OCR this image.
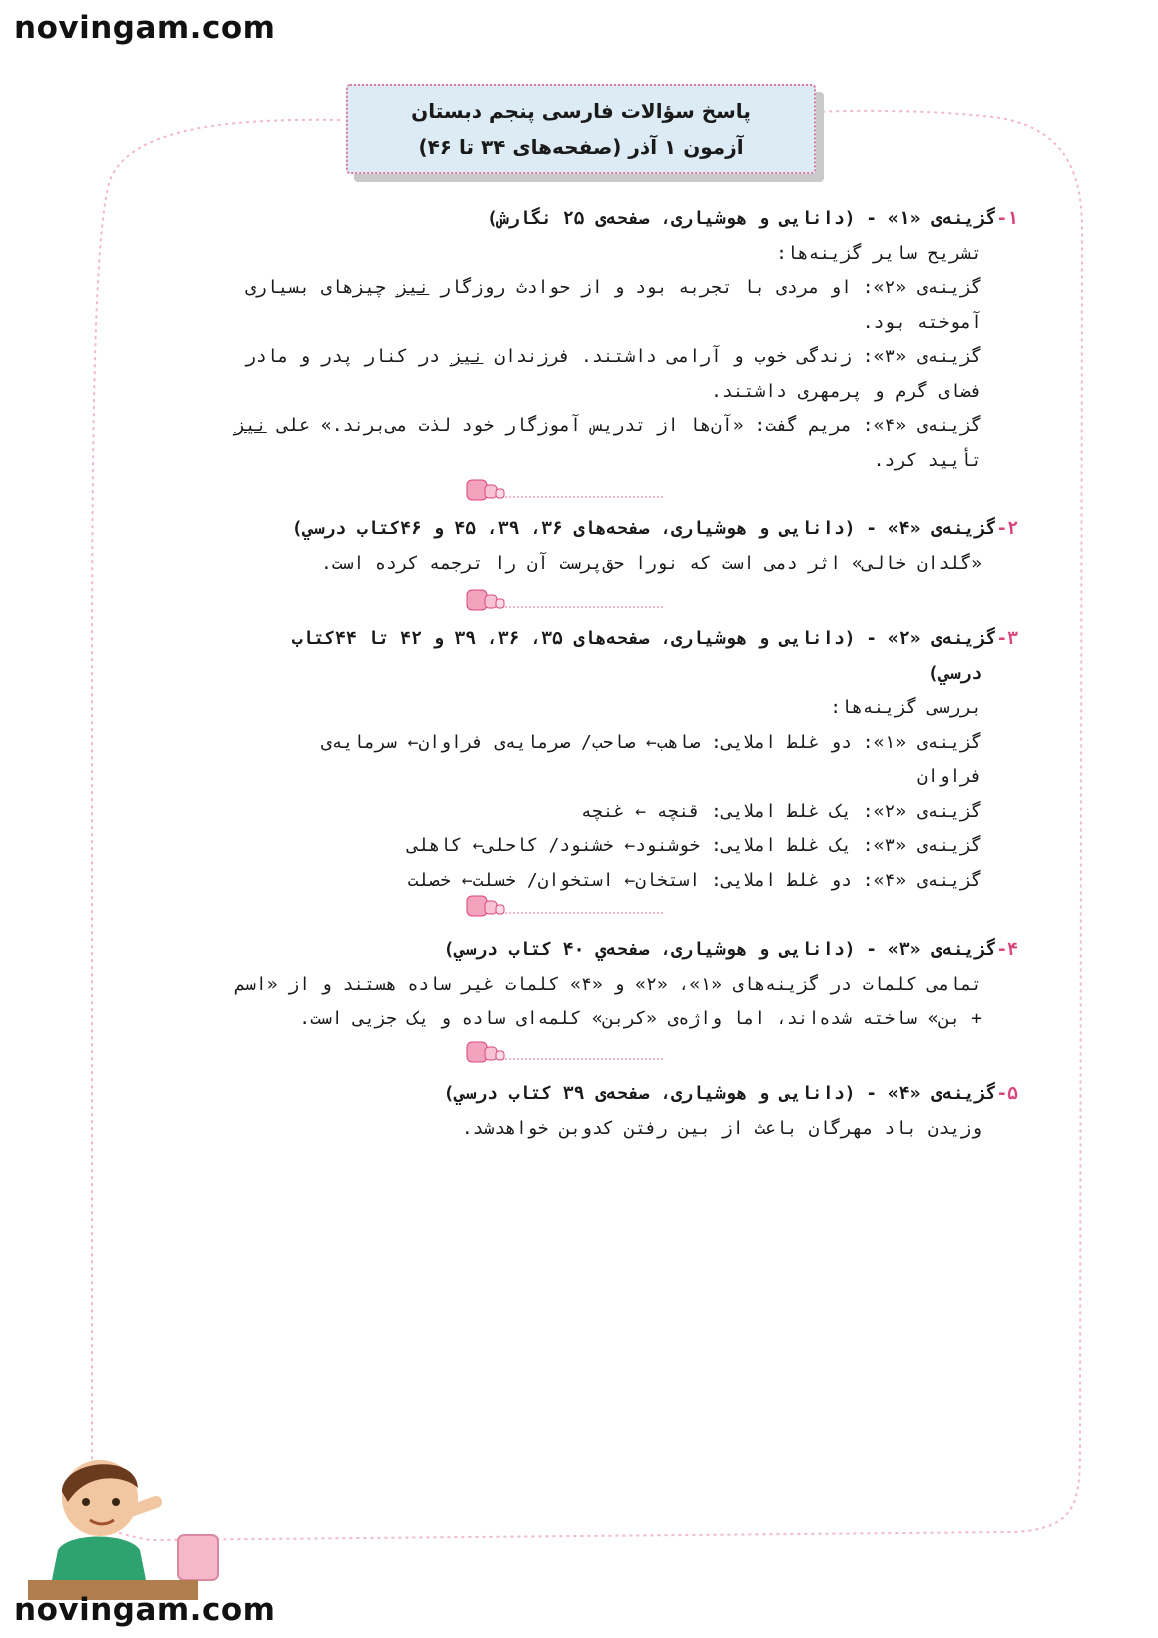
novingam.com
پاسخ سؤالات فارسی پنجم دبستان
آزمون ۱ آذر (صفحه‌های ۳۴ تا ۴۶)
۱-گزینه‌ی «۱» - (دانایی و هوشیاری، صفحه‌ی ۲۵ نگارش)
تشریح سایر گزینه‌ها:
گزینه‌ی «۲»: او مردی با تجربه بود و از حوادث روزگار نیز چیزهای بسیاری
آموخته بود.
گزینه‌ی «۳»: زندگی خوب و آرامی داشتند. فرزندان نیز در کنار پدر و مادر
فضای گرم و پرمهری داشتند.
گزینه‌ی «۴»: مریم گفت: «آن‌ها از تدریس آموزگار خود لذت می‌برند.» علی نیز
تأیید کرد.
۲-گزینه‌ی «۴» - (دانایی و هوشیاری، صفحه‌های ۳۶، ۳۹، ۴۵ و ۴۶کتاب درسي)
«گلدان خالی» اثر دمی است که نورا حق‌پرست آن را ترجمه کرده است.
۳-گزینه‌ی «۲» - (دانایی و هوشیاری، صفحه‌های ۳۵، ۳۶، ۳۹ و ۴۲ تا ۴۴کتاب
درسي)
بررسی گزینه‌ها:
گزینه‌ی «۱»: دو غلط املایی: صاهب← صاحب/ صرمایه‌ی فراوان← سرمایه‌ی
فراوان
گزینه‌ی «۲»: یک غلط املایی: قنچه ← غنچه
گزینه‌ی «۳»: یک غلط املایی: خوشنود← خشنود/ کاحلی← کاهلی
گزینه‌ی «۴»: دو غلط املایی: استخان← استخوان/ خسلت← خصلت
۴-گزینه‌ی «۳» - (دانایی و هوشیاری، صفحه‌ي ۴۰ کتاب درسي)
تمامی کلمات در گزینه‌های «۱»، «۲» و «۴» کلمات غیر ساده هستند و از «اسم
+ بن» ساخته شده‌اند، اما واژه‌ی «کربن» کلمه‌ای ساده و یک جزیی است.
۵-گزینه‌ی «۴» - (دانایی و هوشیاری، صفحه‌ی ۳۹ کتاب درسي)
وزیدن باد مهرگان باعث از بین رفتن کدوبن خواهدشد.
novingam.com
